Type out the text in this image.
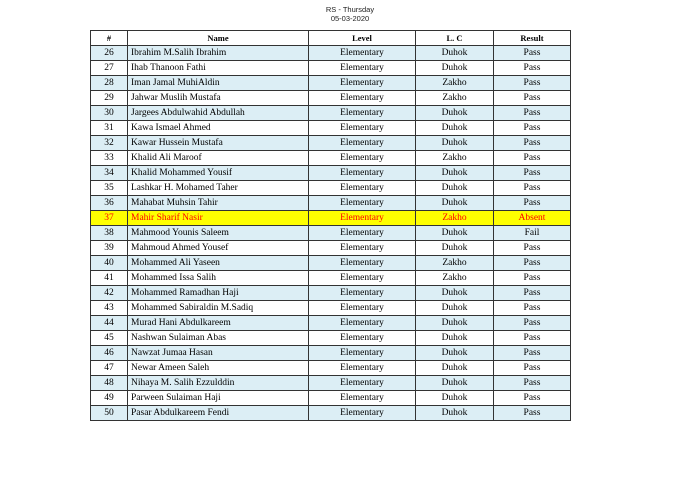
RS - Thursday
05-03-2020
#	Name	Level	L. C	Result
26	Ibrahim M.Salih Ibrahim	Elementary	Duhok	Pass
27	Ihab Thanoon Fathi	Elementary	Duhok	Pass
28	Iman Jamal MuhiAldin	Elementary	Zakho	Pass
29	Jahwar Muslih Mustafa	Elementary	Zakho	Pass
30	Jargees Abdulwahid Abdullah	Elementary	Duhok	Pass
31	Kawa Ismael Ahmed	Elementary	Duhok	Pass
32	Kawar Hussein Mustafa	Elementary	Duhok	Pass
33	Khalid Ali Maroof	Elementary	Zakho	Pass
34	Khalid Mohammed Yousif	Elementary	Duhok	Pass
35	Lashkar H. Mohamed Taher	Elementary	Duhok	Pass
36	Mahabat Muhsin Tahir	Elementary	Duhok	Pass
37	Mahir Sharif Nasir	Elementary	Zakho	Absent
38	Mahmood Younis Saleem	Elementary	Duhok	Fail
39	Mahmoud Ahmed Yousef	Elementary	Duhok	Pass
40	Mohammed Ali Yaseen	Elementary	Zakho	Pass
41	Mohammed Issa Salih	Elementary	Zakho	Pass
42	Mohammed Ramadhan Haji	Elementary	Duhok	Pass
43	Mohammed Sabiraldin M.Sadiq	Elementary	Duhok	Pass
44	Murad Hani Abdulkareem	Elementary	Duhok	Pass
45	Nashwan Sulaiman Abas	Elementary	Duhok	Pass
46	Nawzat Jumaa Hasan	Elementary	Duhok	Pass
47	Newar Ameen Saleh	Elementary	Duhok	Pass
48	Nihaya M. Salih Ezzulddin	Elementary	Duhok	Pass
49	Parween Sulaiman Haji	Elementary	Duhok	Pass
50	Pasar Abdulkareem Fendi	Elementary	Duhok	Pass
